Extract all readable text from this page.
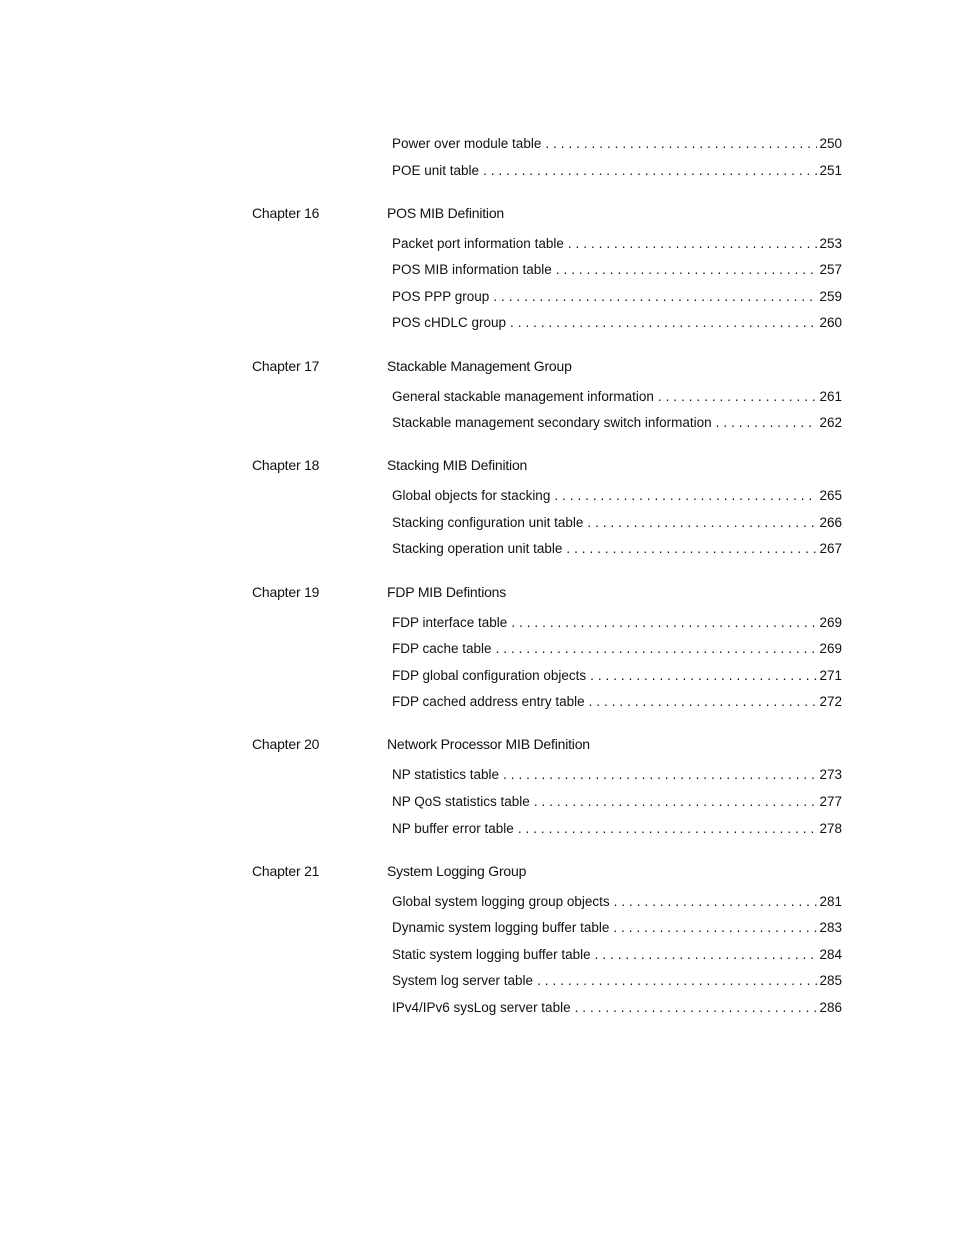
Power over module table . . .	250
POE unit table . . .	251
Chapter 16	POS MIB Definition
Packet port information table . . .	253
POS MIB information table . . .	257
POS PPP group . . .	259
POS cHDLC group . . .	260
Chapter 17	Stackable Management Group
General stackable management information . . .	261
Stackable management secondary switch information . . .	262
Chapter 18	Stacking MIB Definition
Global objects for stacking . . .	265
Stacking configuration unit table . . .	266
Stacking operation unit table . . .	267
Chapter 19	FDP MIB Defintions
FDP interface table . . .	269
FDP cache table . . .	269
FDP global configuration objects . . .	271
FDP cached address entry table . . .	272
Chapter 20	Network Processor MIB Definition
NP statistics table . . .	273
NP QoS statistics table . . .	277
NP buffer error table . . .	278
Chapter 21	System Logging Group
Global system logging group objects . . .	281
Dynamic system logging buffer table . . .	283
Static system logging buffer table . . .	284
System log server table . . .	285
IPv4/IPv6 sysLog server table . . .	286
